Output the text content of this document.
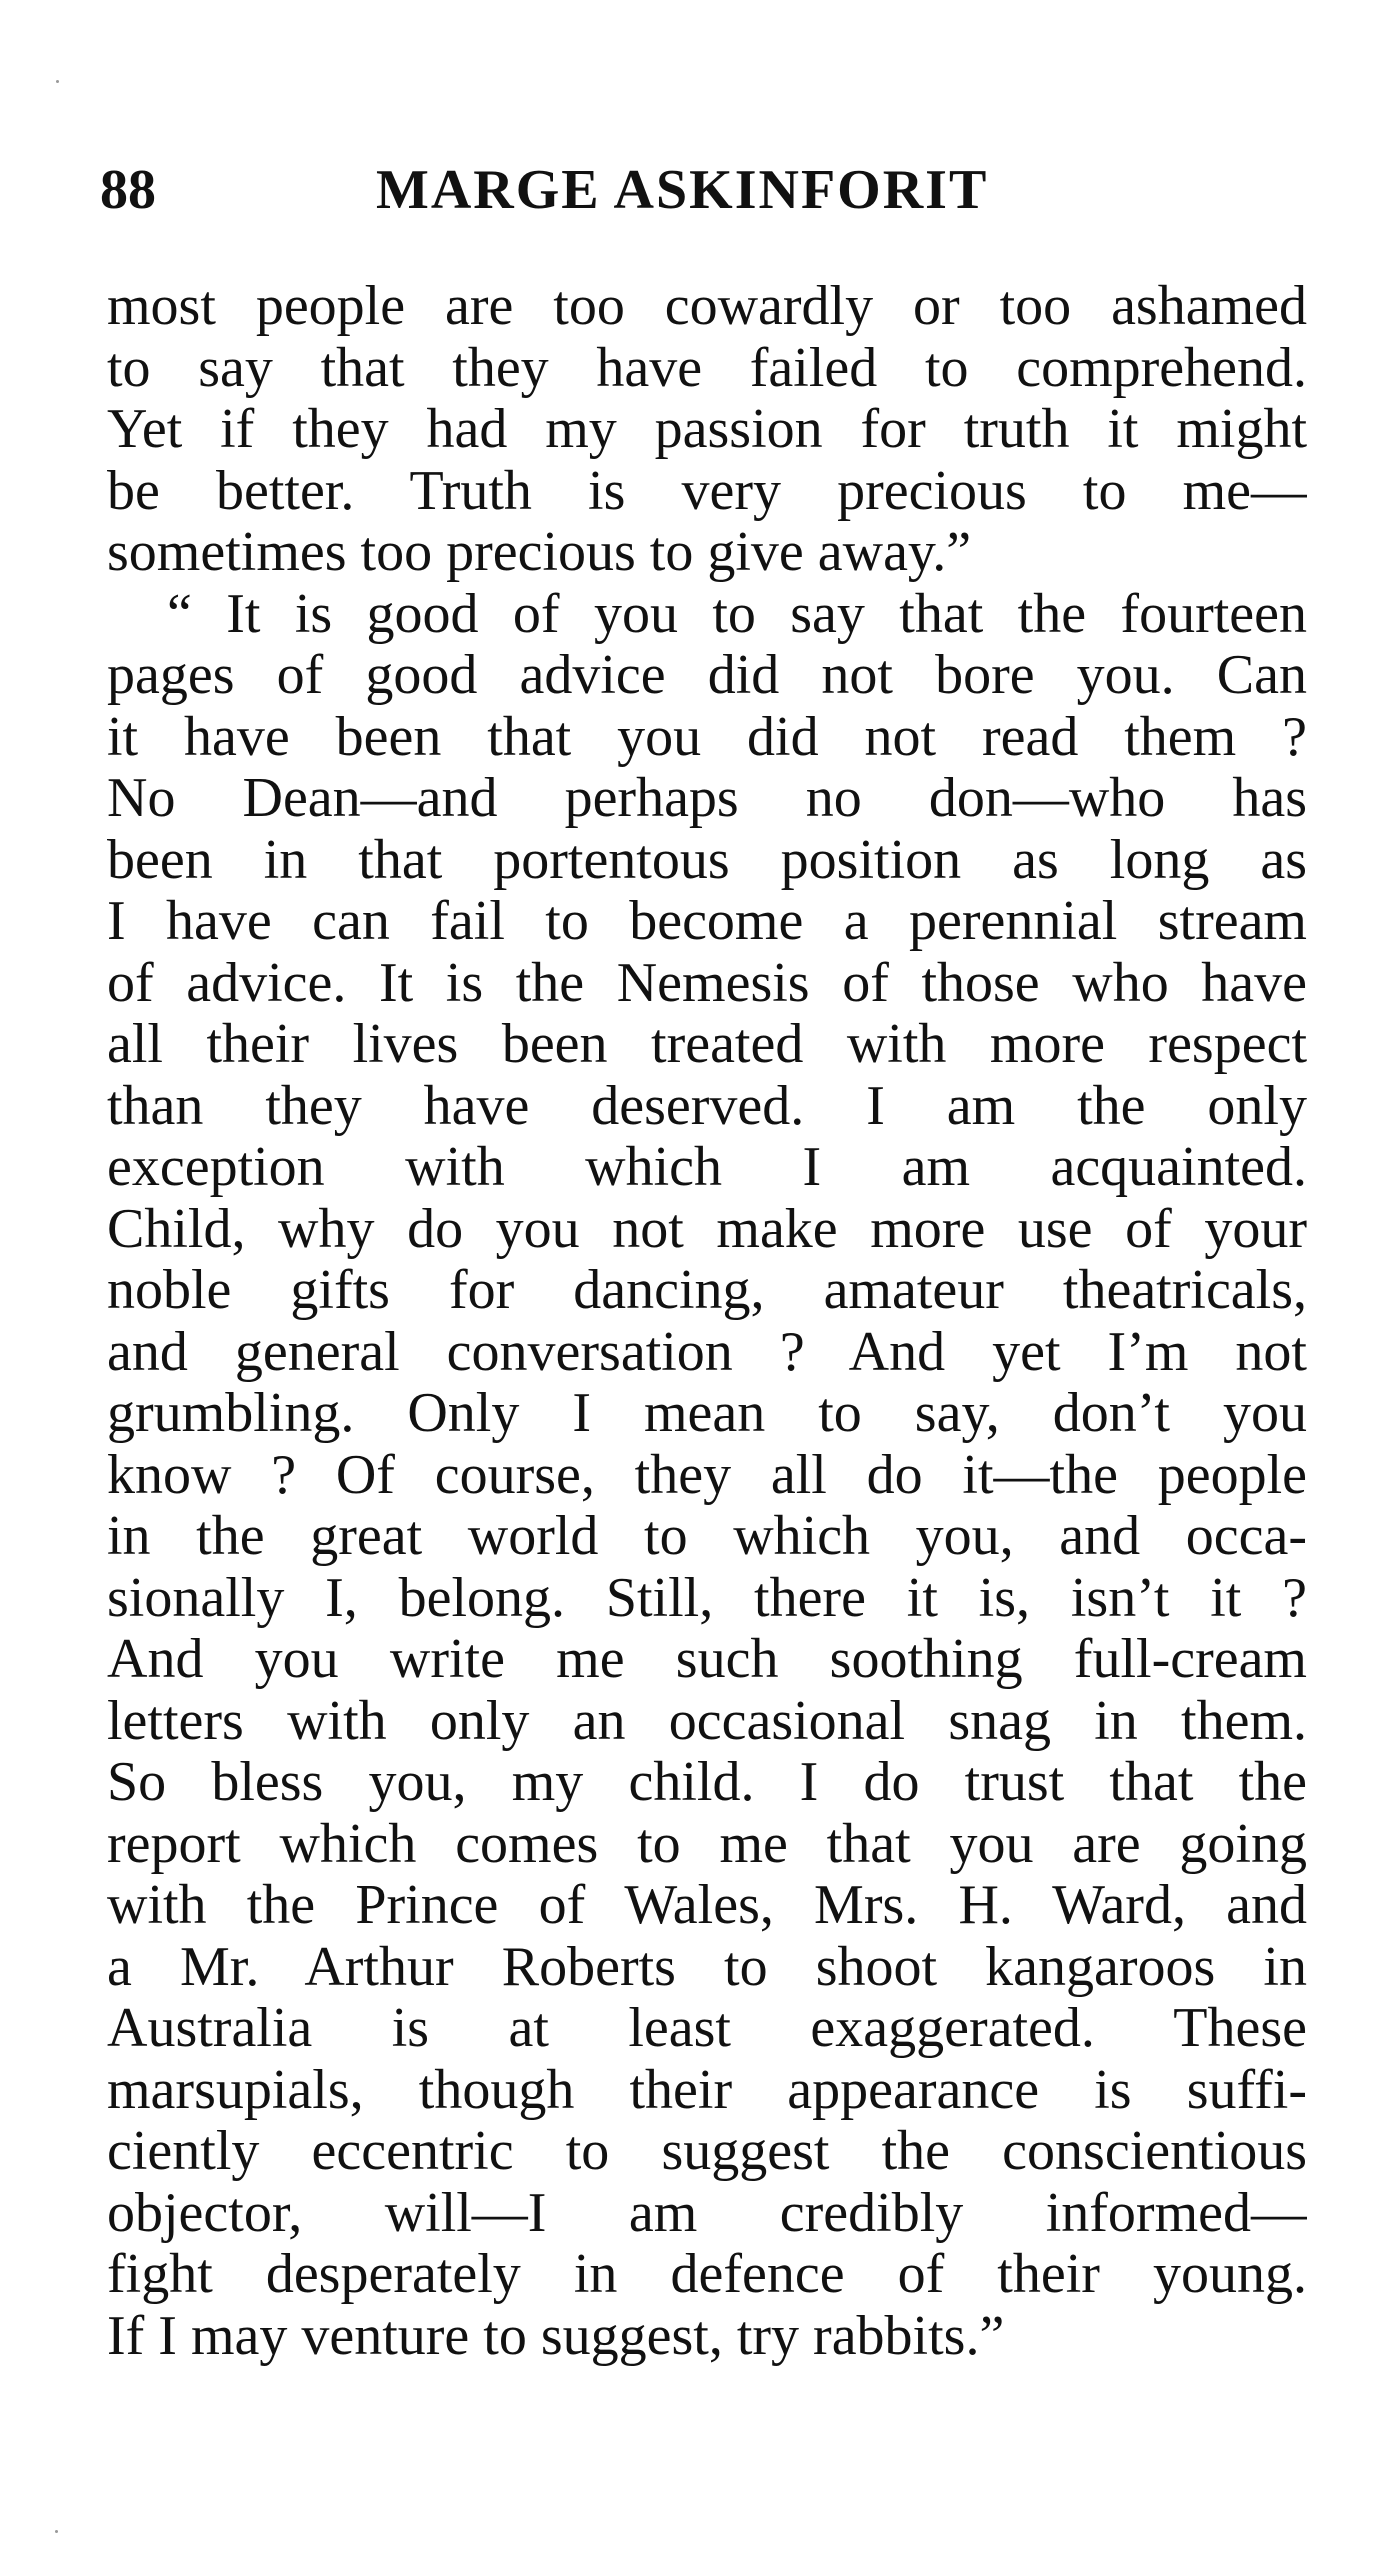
88	MARGE ASKINFORIT
most people are too cowardly or too ashamed
to say that they have failed to comprehend.
Yet if they had my passion for truth it might
be better. Truth is very precious to me—
sometimes too precious to give away.”
“ It is good of you to say that the fourteen
pages of good advice did not bore you. Can
it have been that you did not read them ?
No Dean—and perhaps no don—who has
been in that portentous position as long as
I have can fail to become a perennial stream
of advice. It is the Nemesis of those who have
all their lives been treated with more respect
than they have deserved. I am the only
exception with which I am acquainted.
Child, why do you not make more use of your
noble gifts for dancing, amateur theatricals,
and general conversation ? And yet I’m not
grumbling. Only I mean to say, don’t you
know ? Of course, they all do it—the people
in the great world to which you, and occa-
sionally I, belong. Still, there it is, isn’t it ?
And you write me such soothing full-cream
letters with only an occasional snag in them.
So bless you, my child. I do trust that the
report which comes to me that you are going
with the Prince of Wales, Mrs. H. Ward, and
a Mr. Arthur Roberts to shoot kangaroos in
Australia is at least exaggerated. These
marsupials, though their appearance is suffi-
ciently eccentric to suggest the conscientious
objector, will—I am credibly informed—
fight desperately in defence of their young.
If I may venture to suggest, try rabbits.”
